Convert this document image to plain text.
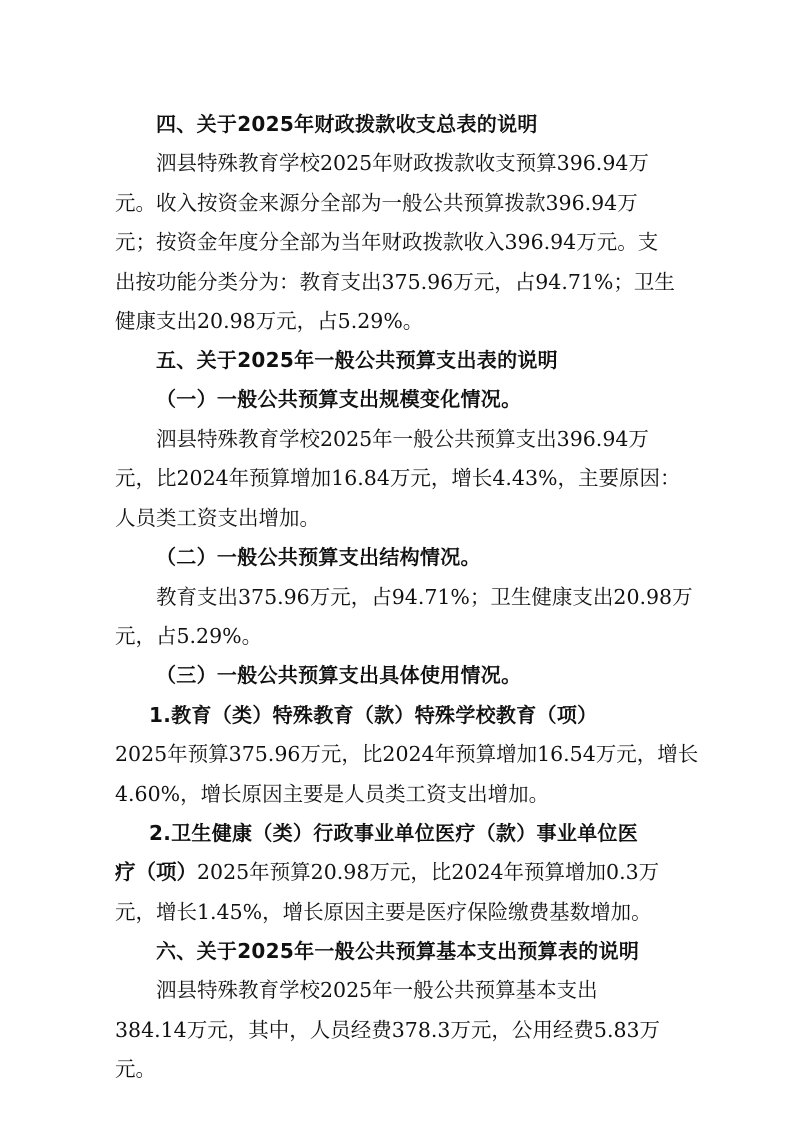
四、关于2025年财政拨款收支总表的说明
泗县特殊教育学校2025年财政拨款收支预算396.94万
元。收入按资金来源分全部为一般公共预算拨款396.94万
元；按资金年度分全部为当年财政拨款收入396.94万元。支
出按功能分类分为：教育支出375.96万元，占94.71%；卫生
健康支出20.98万元，占5.29%。
五、关于2025年一般公共预算支出表的说明
（一）一般公共预算支出规模变化情况。
泗县特殊教育学校2025年一般公共预算支出396.94万
元，比2024年预算增加16.84万元，增长4.43%，主要原因：
人员类工资支出增加。
（二）一般公共预算支出结构情况。
教育支出375.96万元，占94.71%；卫生健康支出20.98万
元，占5.29%。
（三）一般公共预算支出具体使用情况。
1.教育（类）特殊教育（款）特殊学校教育（项）
2025年预算375.96万元，比2024年预算增加16.54万元，增长
4.60%，增长原因主要是人员类工资支出增加。
2.卫生健康（类）行政事业单位医疗（款）事业单位医
疗（项）2025年预算20.98万元，比2024年预算增加0.3万
元，增长1.45%，增长原因主要是医疗保险缴费基数增加。
六、关于2025年一般公共预算基本支出预算表的说明
泗县特殊教育学校2025年一般公共预算基本支出
384.14万元，其中，人员经费378.3万元，公用经费5.83万
元。
